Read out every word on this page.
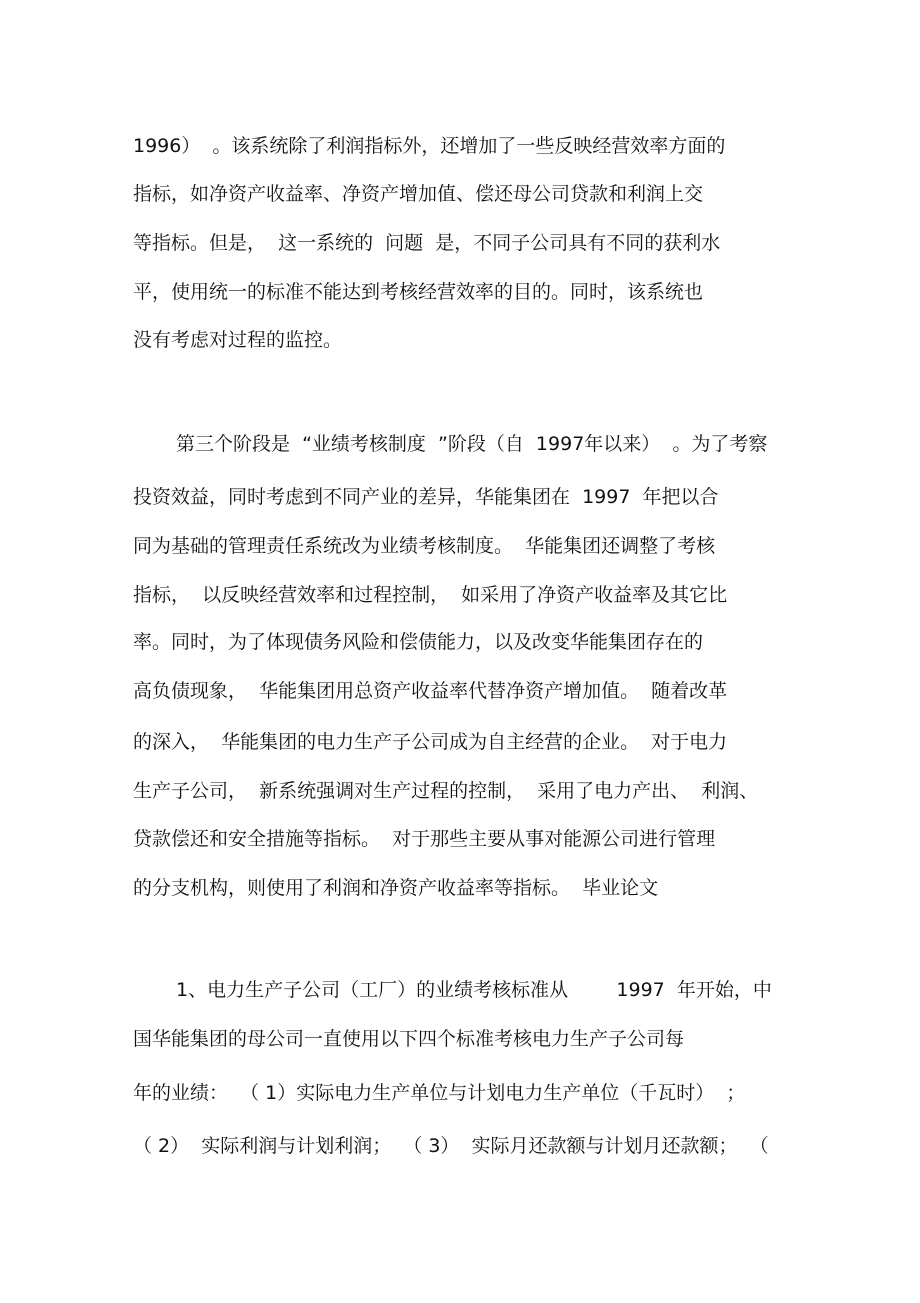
1996）  。该系统除了利润指标外，还增加了一些反映经营效率方面的
指标，如净资产收益率、净资产增加值、偿还母公司贷款和利润上交
等指标。但是，  这一系统的  问题  是，不同子公司具有不同的获利水
平，使用统一的标准不能达到考核经营效率的目的。同时，该系统也
没有考虑对过程的监控。
第三个阶段是  “业绩考核制度  ”阶段（自  1997年以来）  。为了考察
投资效益，同时考虑到不同产业的差异，华能集团在  1997  年把以合
同为基础的管理责任系统改为业绩考核制度。  华能集团还调整了考核
指标，  以反映经营效率和过程控制，  如采用了净资产收益率及其它比
率。同时，为了体现债务风险和偿债能力，以及改变华能集团存在的
高负债现象，  华能集团用总资产收益率代替净资产增加值。  随着改革
的深入，  华能集团的电力生产子公司成为自主经营的企业。  对于电力
生产子公司，  新系统强调对生产过程的控制，  采用了电力产出、  利润、
贷款偿还和安全措施等指标。  对于那些主要从事对能源公司进行管理
的分支机构，则使用了利润和净资产收益率等指标。  毕业论文
1、电力生产子公司（工厂）的业绩考核标准从        1997  年开始，中
国华能集团的母公司一直使用以下四个标准考核电力生产子公司每
年的业绩：  （ 1）实际电力生产单位与计划电力生产单位（千瓦时）  ；
（ 2）  实际利润与计划利润；  （ 3）  实际月还款额与计划月还款额；  （
